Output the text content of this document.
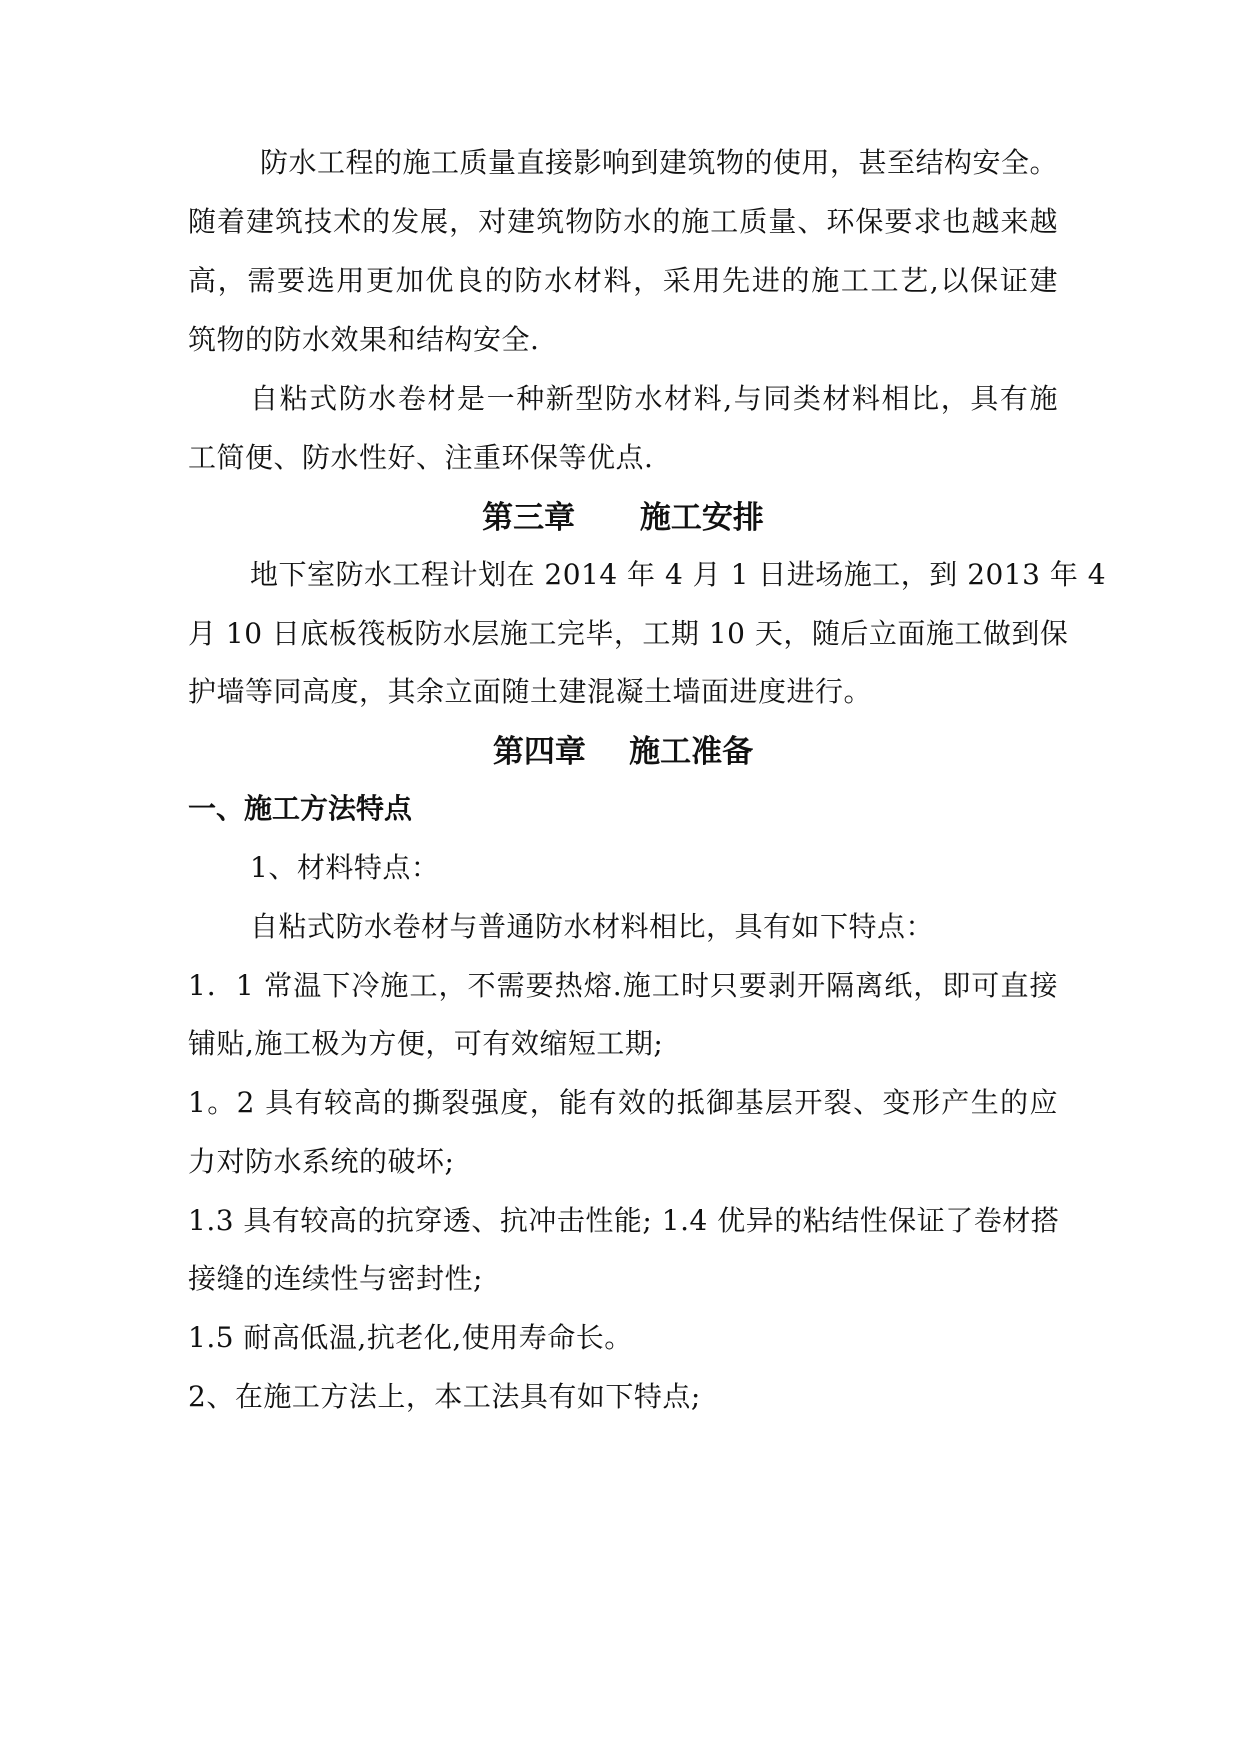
防水工程的施工质量直接影响到建筑物的使用，甚至结构安全。
随着建筑技术的发展，对建筑物防水的施工质量、环保要求也越来越
高，需要选用更加优良的防水材料，采用先进的施工工艺,以保证建
筑物的防水效果和结构安全.
自粘式防水卷材是一种新型防水材料,与同类材料相比，具有施
工简便、防水性好、注重环保等优点.
第三章      施工安排
地下室防水工程计划在 2014 年 4 月 1 日进场施工，到 2013 年 4
月 10 日底板筏板防水层施工完毕，工期 10 天，随后立面施工做到保
护墙等同高度，其余立面随土建混凝土墙面进度进行。
第四章    施工准备
一、施工方法特点
1、材料特点：
自粘式防水卷材与普通防水材料相比，具有如下特点：
1．1 常温下冷施工，不需要热熔.施工时只要剥开隔离纸，即可直接
铺贴,施工极为方便，可有效缩短工期;
1。2 具有较高的撕裂强度，能有效的抵御基层开裂、变形产生的应
力对防水系统的破坏;
1.3 具有较高的抗穿透、抗冲击性能; 1.4 优异的粘结性保证了卷材搭
接缝的连续性与密封性;
1.5 耐高低温,抗老化,使用寿命长。
2、在施工方法上，本工法具有如下特点;
